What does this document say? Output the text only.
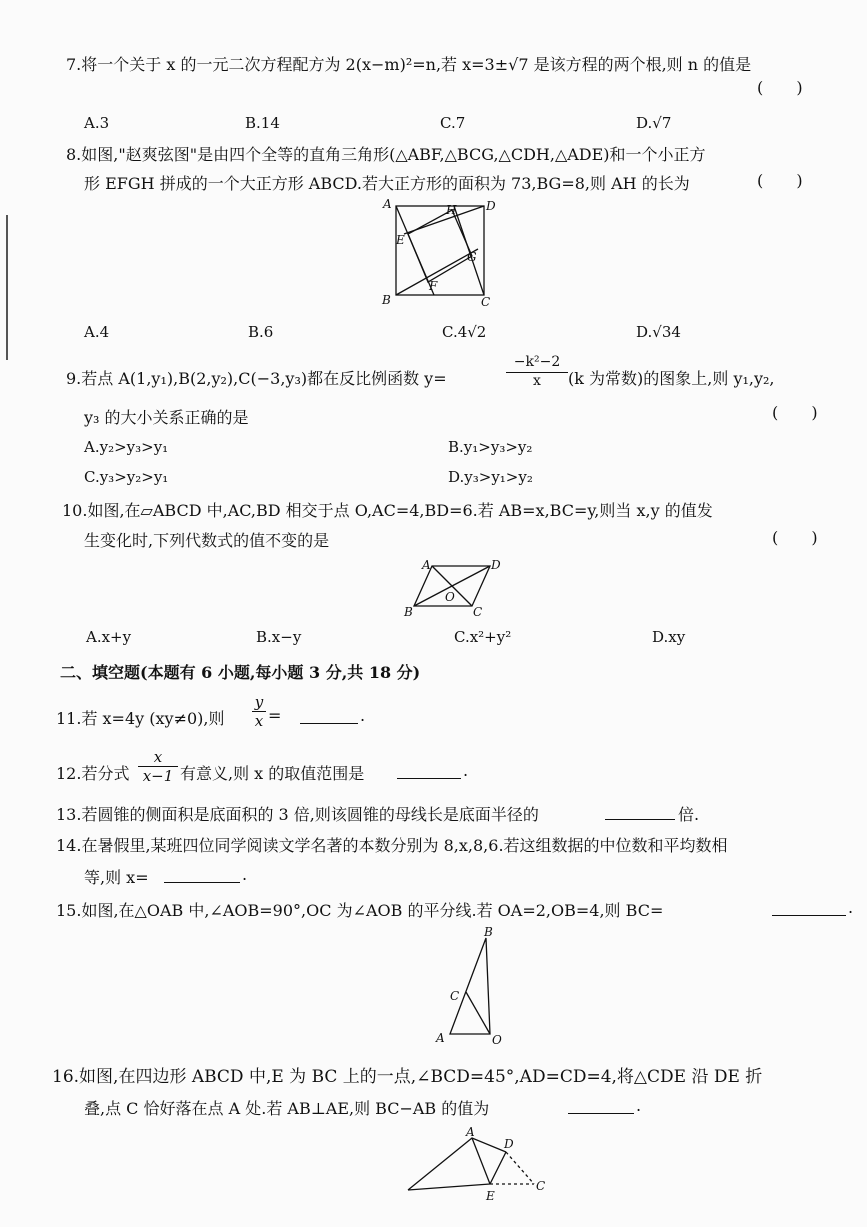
7.将一个关于 x 的一元二次方程配方为 2(x−m)²=n,若 x=3±√7 是该方程的两个根,则 n 的值是
( )
A.3	B.14	C.7	D.√7
8.如图,"赵爽弦图"是由四个全等的直角三角形(△ABF,△BCG,△CDH,△ADE)和一个小正方
形 EFGH 拼成的一个大正方形 ABCD.若大正方形的面积为 73,BG=8,则 AH 的长为	( )
A	H D
E
G
B
F
C
A.4	B.6	C.4√2	D.√34
9.若点 A(1,y₁),B(2,y₂),C(−3,y₃)都在反比例函数 y=	$\frac{\text{−k²−2}}{x} (k$ 为常数)的图象上,则 y₁,y₂,
y₃ 的大小关系正确的是	( )
A.y₂>y₃>y₁	B.y₁>y₃>y₂
C.y₃>y₂>y₁	D.y₃>y₁>y₂
10.如图,在▱ABCD 中,AC,BD 相交于点 O,AC=4,BD=6.若 AB=x,BC=y,则当 x,y 的值发
生变化时,下列代数式的值不变的是	( )
A	D
O
B	C
A.x+y	B.x−y	C.x²+y²	D.xy
二、填空题(本题有 6 小题,每小题 3 分,共 18 分)
11.若 x=4y (xy≠0),则 $\frac{y}{x}$ =	.
12.若分式 $\frac{x}{x-1}$ 有意义,则 x 的取值范围是	.
13.若圆锥的侧面积是底面积的 3 倍,则该圆锥的母线长是底面半径的	倍.
14.在暑假里,某班四位同学阅读文学名著的本数分别为 8,x,8,6.若这组数据的中位数和平均数相
等,则 x=	.
15.如图,在△OAB 中,∠AOB=90°,OC 为∠AOB 的平分线.若 OA=2,OB=4,则 BC=	.
B
C
A	O
16.如图,在四边形 ABCD 中,E 为 BC 上的一点,∠BCD=45°,AD=CD=4,将△CDE 沿 DE 折
叠,点 C 恰好落在点 A 处.若 AB⊥AE,则 BC−AB 的值为	.
A
D
E
C
